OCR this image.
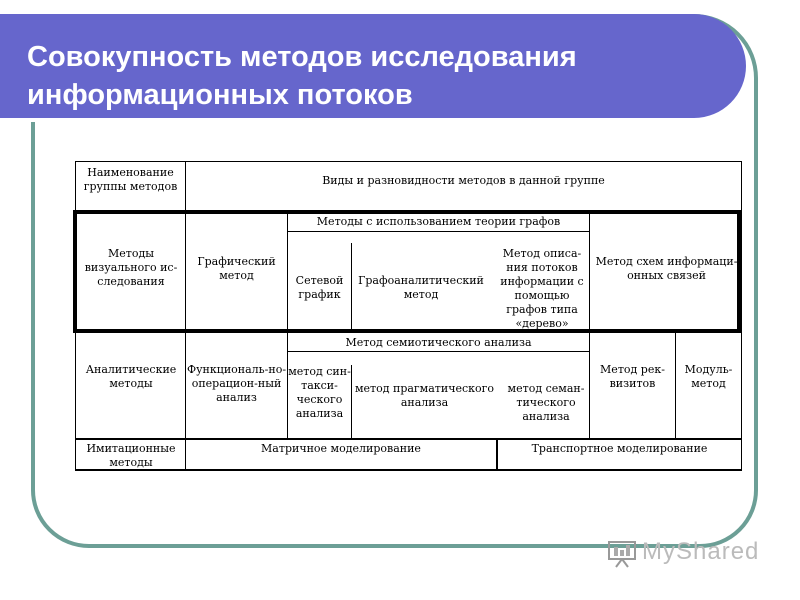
Совокупность методов исследования информационных потоков
Наименование группы методов	Виды и разновидности методов в данной группе
Методы визуального ис-следования
Графический метод
Методы с использованием теории графов
Сетевой график
Графоаналитический метод
Метод описа-ния потоков информации с помощью графов типа «дерево»
Метод схем информаци-онных связей
Аналитические методы
Функциональ-но-операцион-ный анализ
Метод семиотического анализа
метод син-такси-ческого анализа
метод прагматического анализа
метод семан-тического анализа
Метод рек-визитов
Модуль-метод
Имитационные методы
Матричное моделирование	Транспортное моделирование
MyShared
